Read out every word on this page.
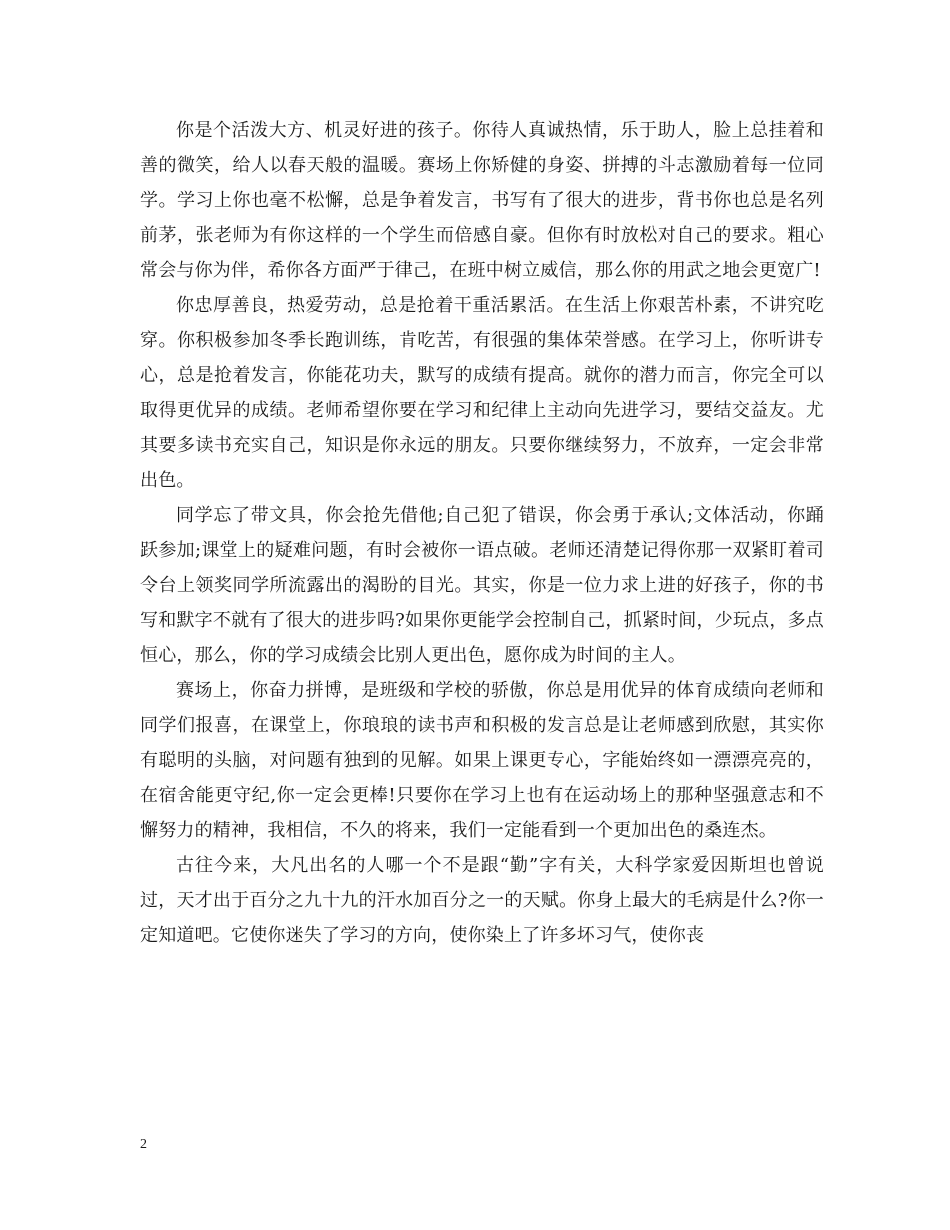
你是个活泼大方、机灵好进的孩子。你待人真诚热情，乐于助人，脸上总挂着和善的微笑，给人以春天般的温暖。赛场上你矫健的身姿、拼搏的斗志激励着每一位同学。学习上你也毫不松懈，总是争着发言，书写有了很大的进步，背书你也总是名列前茅，张老师为有你这样的一个学生而倍感自豪。但你有时放松对自己的要求。粗心常会与你为伴，希你各方面严于律己，在班中树立威信，那么你的用武之地会更宽广!

你忠厚善良，热爱劳动，总是抢着干重活累活。在生活上你艰苦朴素，不讲究吃穿。你积极参加冬季长跑训练，肯吃苦，有很强的集体荣誉感。在学习上，你听讲专心，总是抢着发言，你能花功夫，默写的成绩有提高。就你的潜力而言，你完全可以取得更优异的成绩。老师希望你要在学习和纪律上主动向先进学习，要结交益友。尤其要多读书充实自己，知识是你永远的朋友。只要你继续努力，不放弃，一定会非常出色。

同学忘了带文具，你会抢先借他;自己犯了错误，你会勇于承认;文体活动，你踊跃参加;课堂上的疑难问题，有时会被你一语点破。老师还清楚记得你那一双紧盯着司令台上领奖同学所流露出的渴盼的目光。其实，你是一位力求上进的好孩子，你的书写和默字不就有了很大的进步吗?如果你更能学会控制自己，抓紧时间，少玩点，多点恒心，那么，你的学习成绩会比别人更出色，愿你成为时间的主人。

赛场上，你奋力拼博，是班级和学校的骄傲，你总是用优异的体育成绩向老师和同学们报喜，在课堂上，你琅琅的读书声和积极的发言总是让老师感到欣慰，其实你有聪明的头脑，对问题有独到的见解。如果上课更专心，字能始终如一漂漂亮亮的，在宿舍能更守纪,你一定会更棒!只要你在学习上也有在运动场上的那种坚强意志和不懈努力的精神，我相信，不久的将来，我们一定能看到一个更加出色的桑连杰。

古往今来，大凡出名的人哪一个不是跟“勤”字有关，大科学家爱因斯坦也曾说过，天才出于百分之九十九的汗水加百分之一的天赋。你身上最大的毛病是什么?你一定知道吧。它使你迷失了学习的方向，使你染上了许多坏习气，使你丧

2
